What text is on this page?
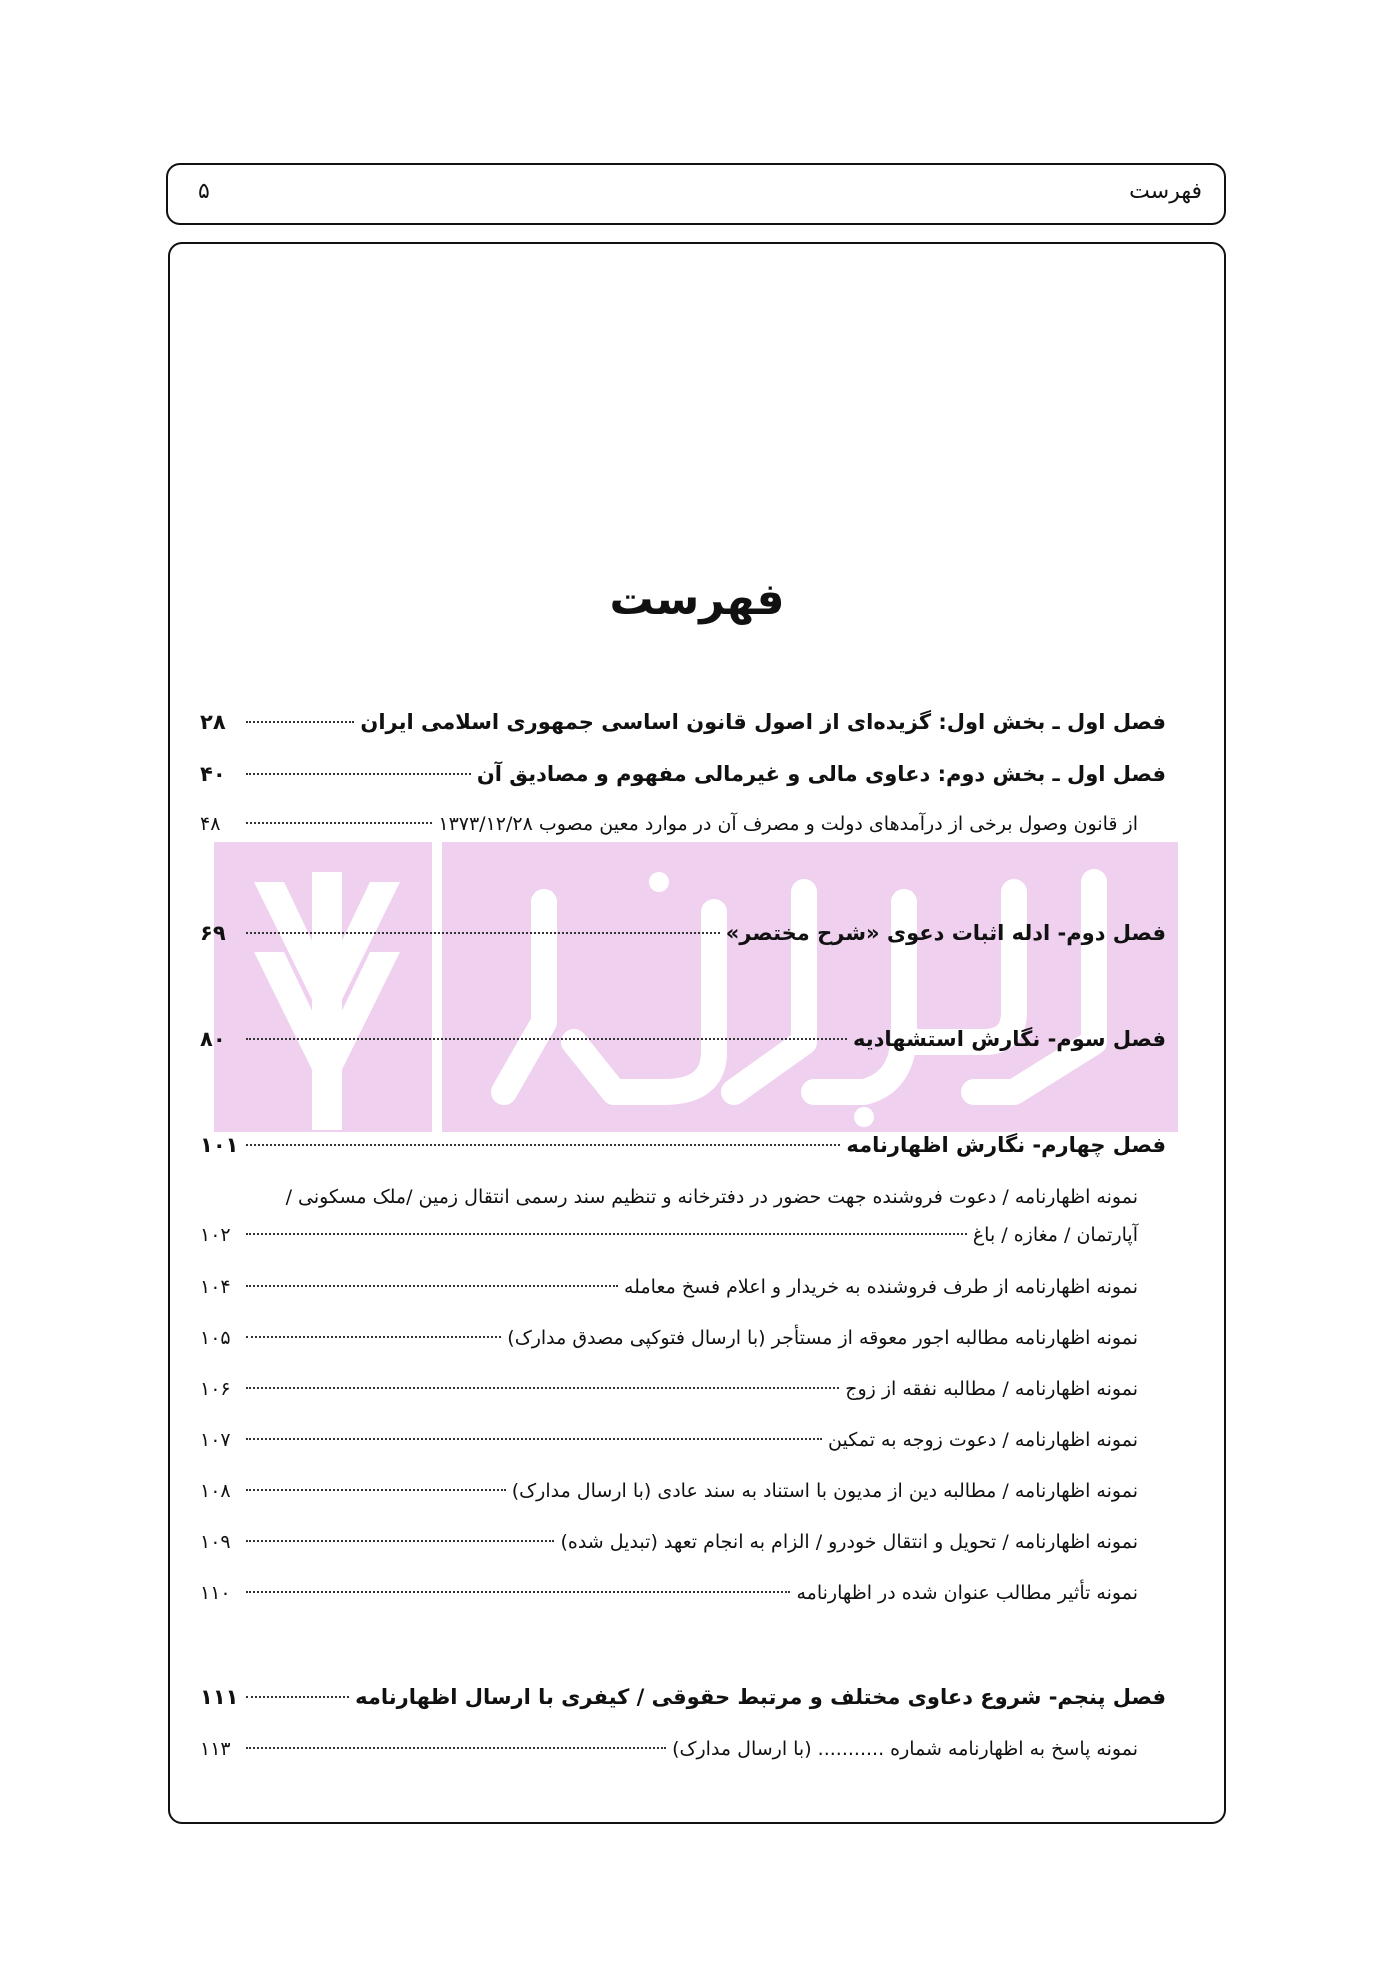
فهرست
۵
فهرست
فصل اول ـ بخش اول: گزیده‌ای از اصول قانون اساسی جمهوری اسلامی ایران
۲۸
فصل اول ـ بخش دوم: دعاوی مالی و غیرمالی مفهوم و مصادیق آن
۴۰
از قانون وصول برخی از درآمدهای دولت و مصرف آن در موارد معین مصوب ۱۳۷۳/۱۲/۲۸
۴۸
فصل دوم- ادله اثبات دعوی «شرح مختصر»
۶۹
فصل سوم- نگارش استشهادیه
۸۰
فصل چهارم- نگارش اظهارنامه
۱۰۱
نمونه اظهارنامه / دعوت فروشنده جهت حضور در دفترخانه و تنظیم سند رسمی انتقال زمین /ملک مسکونی /
آپارتمان / مغازه / باغ
۱۰۲
نمونه اظهارنامه از طرف فروشنده به خریدار و اعلام فسخ معامله
۱۰۴
نمونه اظهارنامه مطالبه اجور معوقه از مستأجر (با ارسال فتوکپی مصدق مدارک)
۱۰۵
نمونه اظهارنامه / مطالبه نفقه از زوج
۱۰۶
نمونه اظهارنامه / دعوت زوجه به تمکین
۱۰۷
نمونه اظهارنامه / مطالبه دین از مدیون با استناد به سند عادی (با ارسال مدارک)
۱۰۸
نمونه اظهارنامه / تحویل و انتقال خودرو / الزام به انجام تعهد (تبدیل شده)
۱۰۹
نمونه تأثیر مطالب عنوان شده در اظهارنامه
۱۱۰
فصل پنجم- شروع دعاوی مختلف و مرتبط حقوقی / کیفری با ارسال اظهارنامه
۱۱۱
نمونه پاسخ به اظهارنامه شماره ........... (با ارسال مدارک)
۱۱۳
